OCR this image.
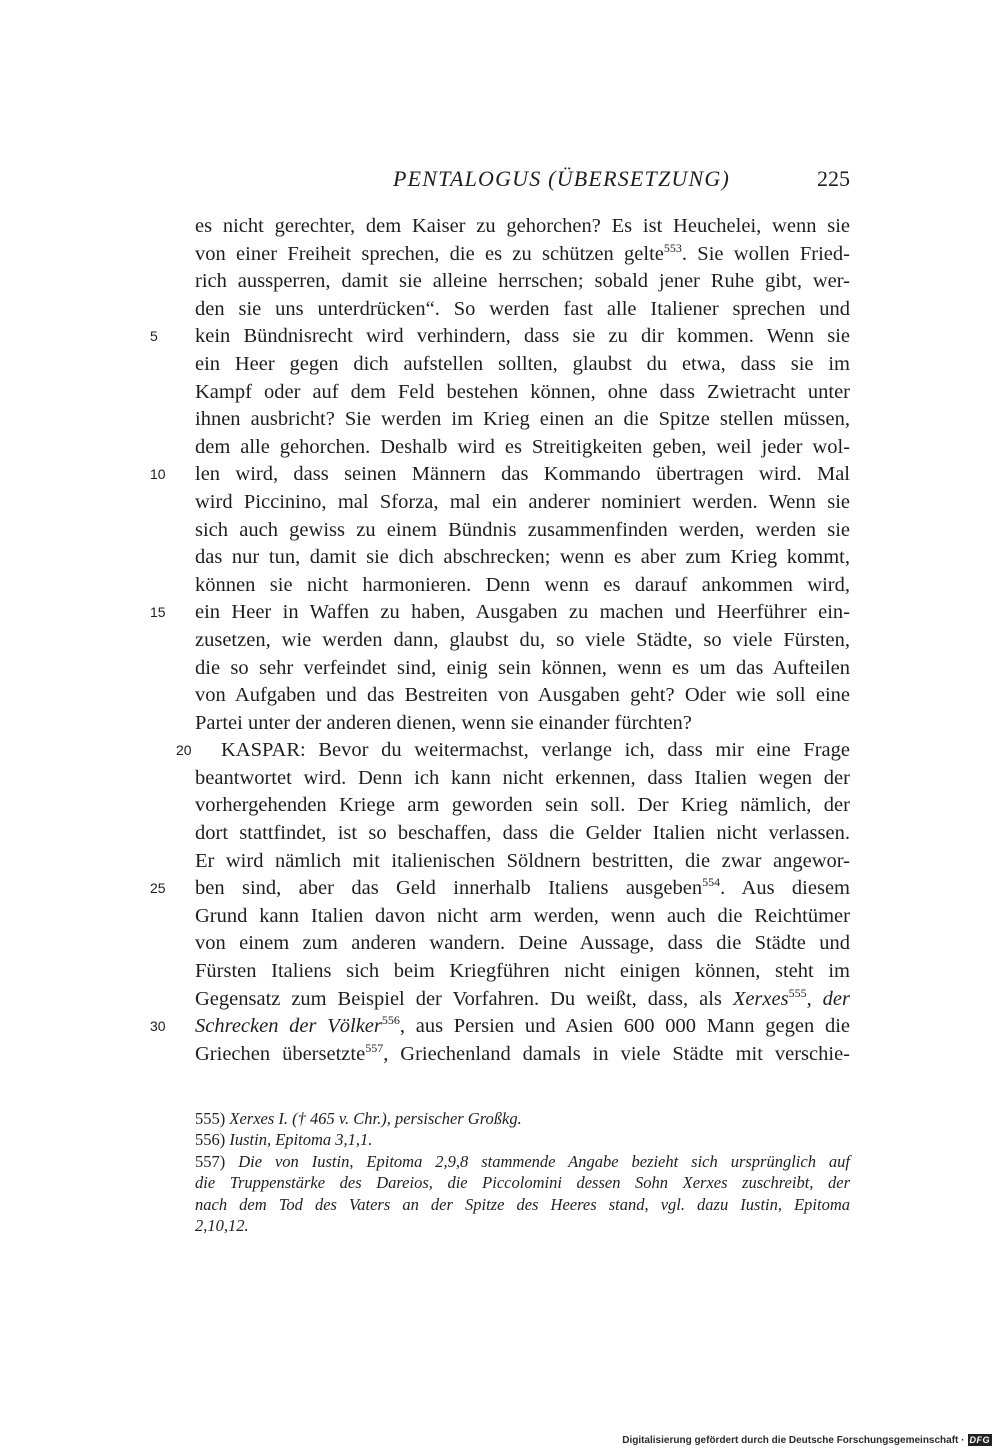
PENTALOGUS (ÜBERSETZUNG)	225
es nicht gerechter, dem Kaiser zu gehorchen? Es ist Heuchelei, wenn sie
von einer Freiheit sprechen, die es zu schützen gelte$^{553}$. Sie wollen Fried-
rich aussperren, damit sie alleine herrschen; sobald jener Ruhe gibt, wer-
den sie uns unterdrücken“. So werden fast alle Italiener sprechen und
5 kein Bündnisrecht wird verhindern, dass sie zu dir kommen. Wenn sie
ein Heer gegen dich aufstellen sollten, glaubst du etwa, dass sie im
Kampf oder auf dem Feld bestehen können, ohne dass Zwietracht unter
ihnen ausbricht? Sie werden im Krieg einen an die Spitze stellen müssen,
dem alle gehorchen. Deshalb wird es Streitigkeiten geben, weil jeder wol-
10 len wird, dass seinen Männern das Kommando übertragen wird. Mal
wird Piccinino, mal Sforza, mal ein anderer nominiert werden. Wenn sie
sich auch gewiss zu einem Bündnis zusammenfinden werden, werden sie
das nur tun, damit sie dich abschrecken; wenn es aber zum Krieg kommt,
können sie nicht harmonieren. Denn wenn es darauf ankommen wird,
15 ein Heer in Waffen zu haben, Ausgaben zu machen und Heerführer ein-
zusetzen, wie werden dann, glaubst du, so viele Städte, so viele Fürsten,
die so sehr verfeindet sind, einig sein können, wenn es um das Aufteilen
von Aufgaben und das Bestreiten von Ausgaben geht? Oder wie soll eine
Partei unter der anderen dienen, wenn sie einander fürchten?
20 KASPAR: Bevor du weitermachst, verlange ich, dass mir eine Frage
beantwortet wird. Denn ich kann nicht erkennen, dass Italien wegen der
vorhergehenden Kriege arm geworden sein soll. Der Krieg nämlich, der
dort stattfindet, ist so beschaffen, dass die Gelder Italien nicht verlassen.
Er wird nämlich mit italienischen Söldnern bestritten, die zwar angewor-
25 ben sind, aber das Geld innerhalb Italiens ausgeben$^{554}$. Aus diesem
Grund kann Italien davon nicht arm werden, wenn auch die Reichtümer
von einem zum anderen wandern. Deine Aussage, dass die Städte und
Fürsten Italiens sich beim Kriegführen nicht einigen können, steht im
Gegensatz zum Beispiel der Vorfahren. Du weißt, dass, als Xerxes$^{555}$, der
30 Schrecken der Völker$^{556}$, aus Persien und Asien 600 000 Mann gegen die
Griechen übersetzte$^{557}$, Griechenland damals in viele Städte mit verschie-
555) Xerxes I. († 465 v. Chr.), persischer Großkg.
556) Iustin, Epitoma 3,1,1.
557) Die von Iustin, Epitoma 2,9,8 stammende Angabe bezieht sich ursprünglich auf
die Truppenstärke des Dareios, die Piccolomini dessen Sohn Xerxes zuschreibt, der
nach dem Tod des Vaters an der Spitze des Heeres stand, vgl. dazu Iustin, Epitoma
2,10,12.
Digitalisierung gefördert durch die Deutsche Forschungsgemeinschaft · DFG
